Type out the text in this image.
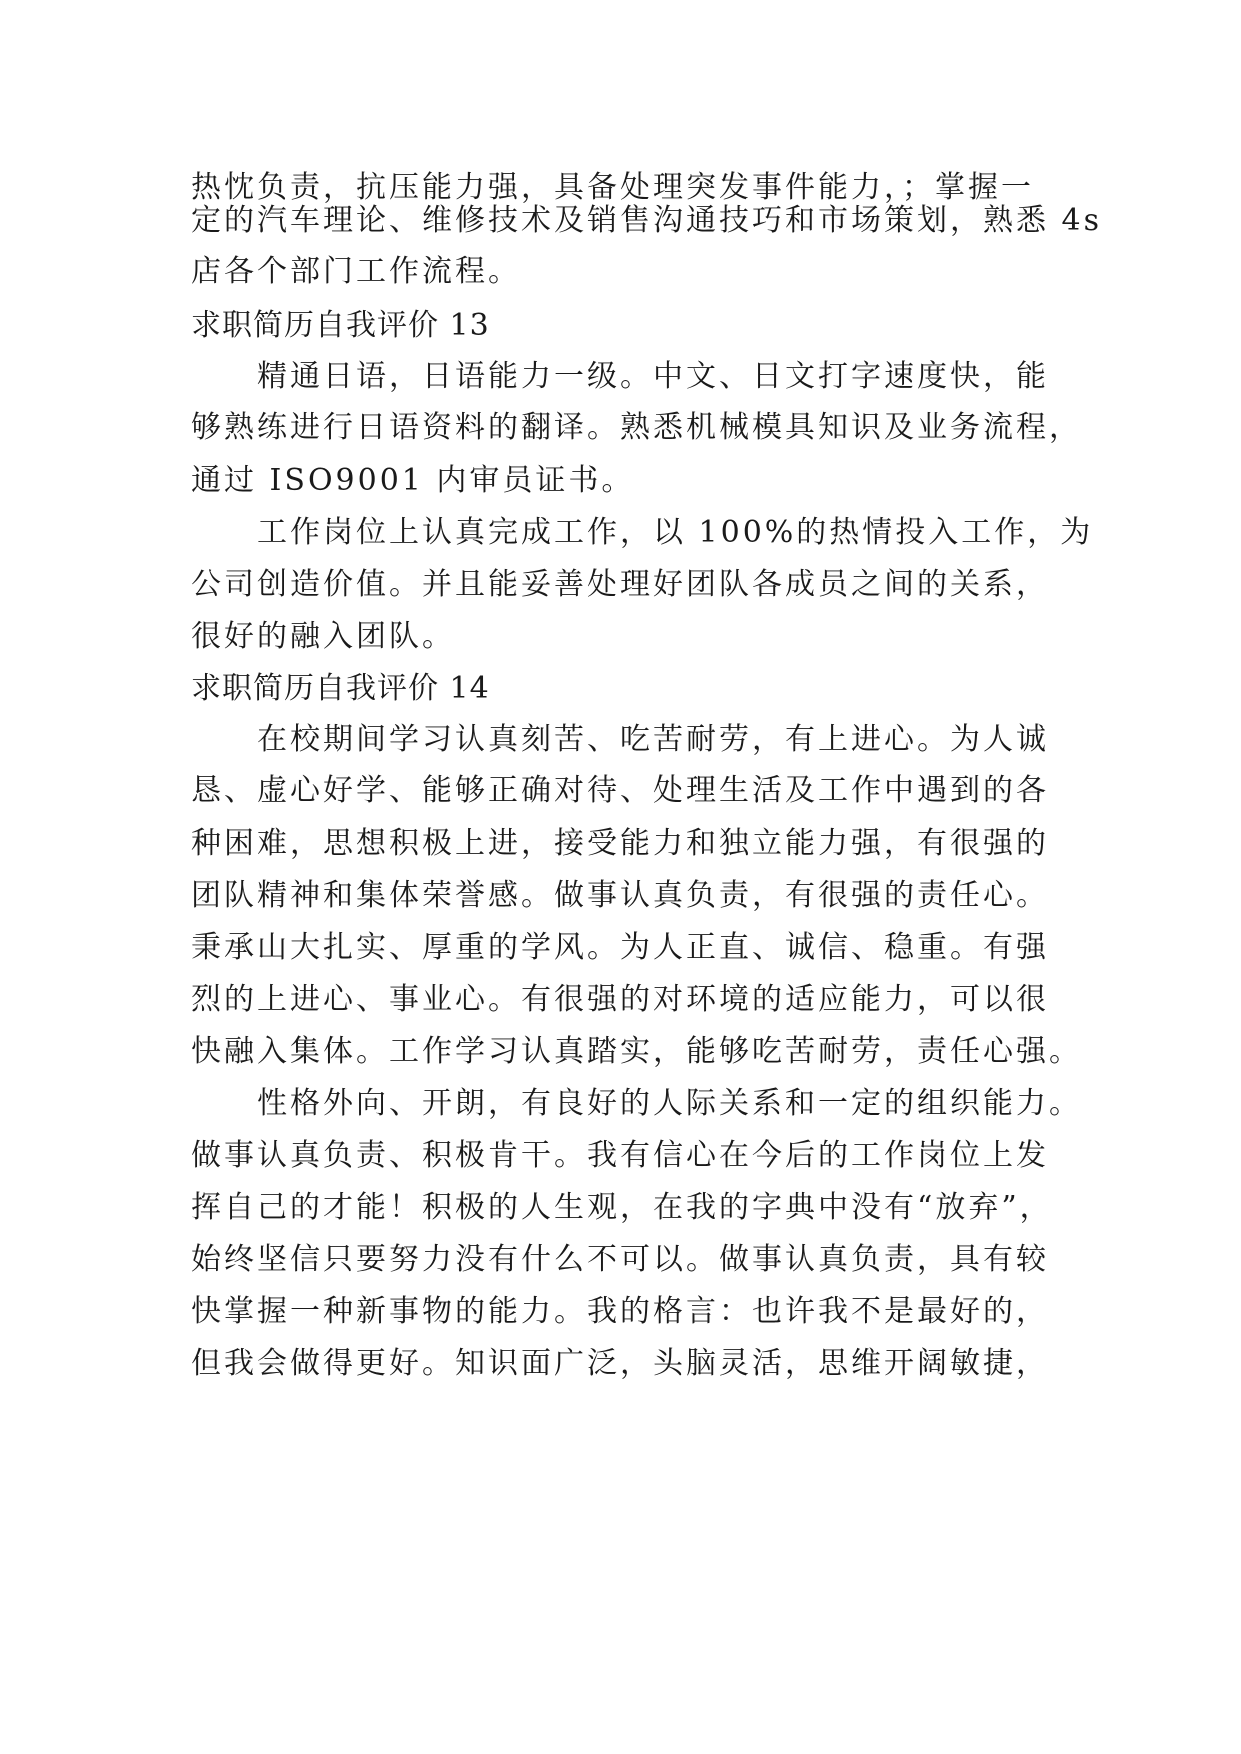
热忱负责，抗压能力强，具备处理突发事件能力，；掌握一

定的汽车理论、维修技术及销售沟通技巧和市场策划，熟悉 4s

店各个部门工作流程。

求职简历自我评价 13

精通日语，日语能力一级。中文、日文打字速度快，能

够熟练进行日语资料的翻译。熟悉机械模具知识及业务流程，

通过 ISO9001 内审员证书。

工作岗位上认真完成工作，以 100%的热情投入工作，为

公司创造价值。并且能妥善处理好团队各成员之间的关系，

很好的融入团队。

求职简历自我评价 14

在校期间学习认真刻苦、吃苦耐劳，有上进心。为人诚

恳、虚心好学、能够正确对待、处理生活及工作中遇到的各

种困难，思想积极上进，接受能力和独立能力强，有很强的

团队精神和集体荣誉感。做事认真负责，有很强的责任心。

秉承山大扎实、厚重的学风。为人正直、诚信、稳重。有强

烈的上进心、事业心。有很强的对环境的适应能力，可以很

快融入集体。工作学习认真踏实，能够吃苦耐劳，责任心强。

性格外向、开朗，有良好的人际关系和一定的组织能力。

做事认真负责、积极肯干。我有信心在今后的工作岗位上发

挥自己的才能！积极的人生观，在我的字典中没有“放弃”，

始终坚信只要努力没有什么不可以。做事认真负责，具有较

快掌握一种新事物的能力。我的格言：也许我不是最好的，

但我会做得更好。知识面广泛，头脑灵活，思维开阔敏捷，
